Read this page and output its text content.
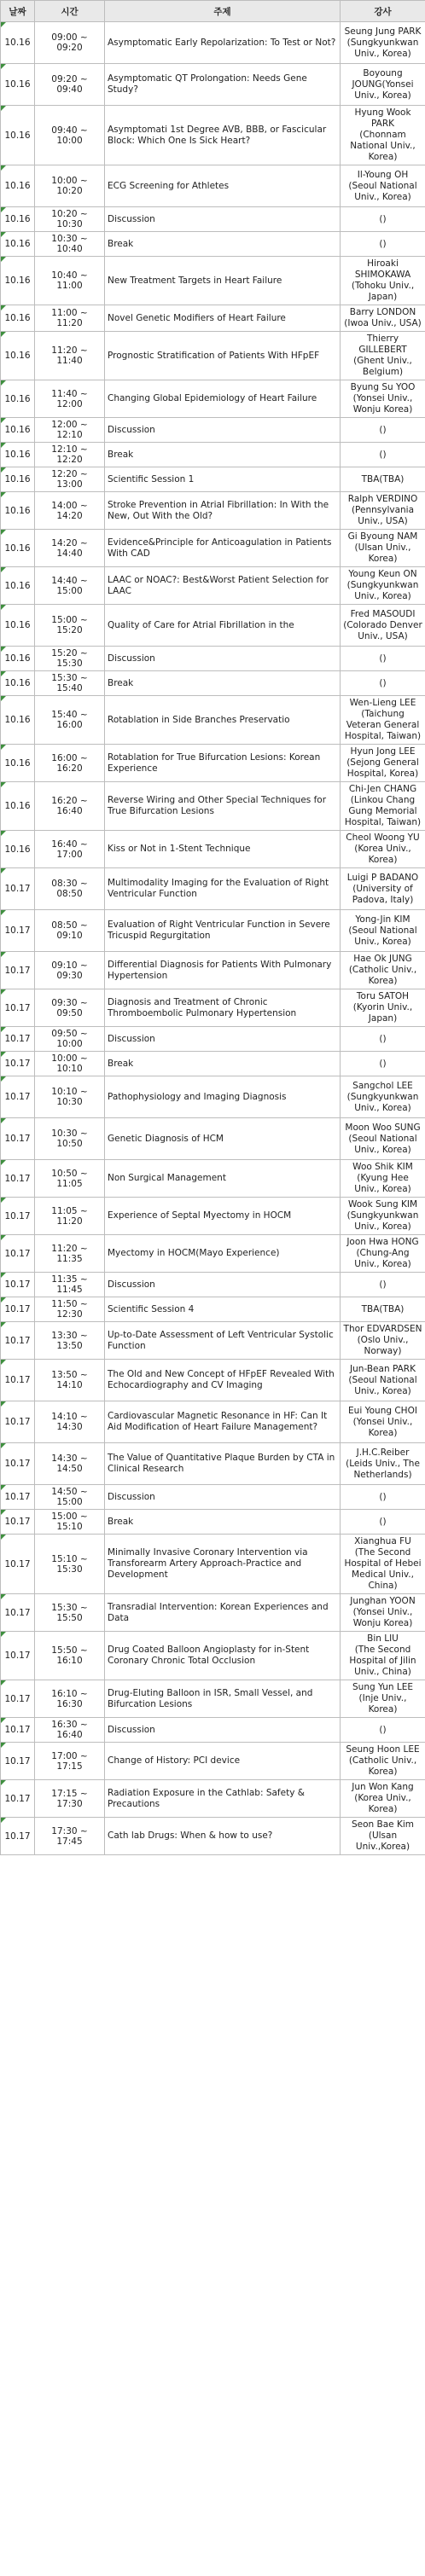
날짜	시간	주제	강사
10.16	09:00 ~ 09:20	Asymptomatic Early Repolarization: To Test or Not?	Seung Jung PARK
(Sungkyunkwan Univ., Korea)
10.16	09:20 ~ 09:40	Asymptomatic QT Prolongation: Needs Gene Study?	Boyoung JOUNG(Yonsei Univ., Korea)
10.16	09:40 ~ 10:00	Asymptomati 1st Degree AVB, BBB, or Fascicular Block: Which One Is Sick Heart?	Hyung Wook PARK
(Chonnam National Univ., Korea)
10.16	10:00 ~ 10:20	ECG Screening for Athletes	Il-Young OH
(Seoul National Univ., Korea)
10.16	10:20 ~ 10:30	Discussion	()
10.16	10:30 ~ 10:40	Break	()
10.16	10:40 ~ 11:00	New Treatment Targets in Heart Failure	Hiroaki SHIMOKAWA
(Tohoku Univ., Japan)
10.16	11:00 ~ 11:20	Novel Genetic Modifiers of Heart Failure	Barry LONDON
(Iwoa Univ., USA)
10.16	11:20 ~ 11:40	Prognostic Stratification of Patients With HFpEF	Thierry GILLEBERT
(Ghent Univ., Belgium)
10.16	11:40 ~ 12:00	Changing Global Epidemiology of Heart Failure	Byung Su YOO
(Yonsei Univ., Wonju Korea)
10.16	12:00 ~ 12:10	Discussion	()
10.16	12:10 ~ 12:20	Break	()
10.16	12:20 ~ 13:00	Scientific Session 1	TBA(TBA)
10.16	14:00 ~ 14:20	Stroke Prevention in Atrial Fibrillation: In With the New, Out With the Old?	Ralph VERDINO
(Pennsylvania Univ., USA)
10.16	14:20 ~ 14:40	Evidence&Principle for Anticoagulation in Patients With CAD	Gi Byoung NAM
(Ulsan Univ., Korea)
10.16	14:40 ~ 15:00	LAAC or NOAC?: Best&Worst Patient Selection for LAAC	Young Keun ON
(Sungkyunkwan Univ., Korea)
10.16	15:00 ~ 15:20	Quality of Care for Atrial Fibrillation in the	Fred MASOUDI
(Colorado Denver Univ., USA)
10.16	15:20 ~ 15:30	Discussion	()
10.16	15:30 ~ 15:40	Break	()
10.16	15:40 ~ 16:00	Rotablation in Side Branches Preservatio	Wen-Lieng LEE
(Taichung Veteran General Hospital, Taiwan)
10.16	16:00 ~ 16:20	Rotablation for True Bifurcation Lesions: Korean Experience	Hyun Jong LEE
(Sejong General Hospital, Korea)
10.16	16:20 ~ 16:40	Reverse Wiring and Other Special Techniques for True Bifurcation Lesions	Chi-Jen CHANG
(Linkou Chang Gung Memorial Hospital, Taiwan)
10.16	16:40 ~ 17:00	Kiss or Not in 1-Stent Technique	Cheol Woong YU
(Korea Univ., Korea)
10.17	08:30 ~ 08:50	Multimodality Imaging for the Evaluation of Right Ventricular Function	Luigi P BADANO
(University of Padova, Italy)
10.17	08:50 ~ 09:10	Evaluation of Right Ventricular Function in Severe Tricuspid Regurgitation	Yong-Jin KIM
(Seoul National Univ., Korea)
10.17	09:10 ~ 09:30	Differential Diagnosis for Patients With Pulmonary Hypertension	Hae Ok JUNG
(Catholic Univ., Korea)
10.17	09:30 ~ 09:50	Diagnosis and Treatment of Chronic Thromboembolic Pulmonary Hypertension	Toru SATOH
(Kyorin Univ., Japan)
10.17	09:50 ~ 10:00	Discussion	()
10.17	10:00 ~ 10:10	Break	()
10.17	10:10 ~ 10:30	Pathophysiology and Imaging Diagnosis	Sangchol LEE
(Sungkyunkwan Univ., Korea)
10.17	10:30 ~ 10:50	Genetic Diagnosis of HCM	Moon Woo SUNG
(Seoul National Univ., Korea)
10.17	10:50 ~ 11:05	Non Surgical Management	Woo Shik KIM
(Kyung Hee Univ., Korea)
10.17	11:05 ~ 11:20	Experience of Septal Myectomy in HOCM	Wook Sung KIM
(Sungkyunkwan Univ., Korea)
10.17	11:20 ~ 11:35	Myectomy in HOCM(Mayo Experience)	Joon Hwa HONG
(Chung-Ang Univ., Korea)
10.17	11:35 ~ 11:45	Discussion	()
10.17	11:50 ~ 12:30	Scientific Session 4	TBA(TBA)
10.17	13:30 ~ 13:50	Up-to-Date Assessment of Left Ventricular Systolic Function	Thor EDVARDSEN
(Oslo Univ., Norway)
10.17	13:50 ~ 14:10	The Old and New Concept of HFpEF Revealed With Echocardiography and CV Imaging	Jun-Bean PARK
(Seoul National Univ., Korea)
10.17	14:10 ~ 14:30	Cardiovascular Magnetic Resonance in HF: Can It Aid Modification of Heart Failure Management?	Eui Young CHOI
(Yonsei Univ., Korea)
10.17	14:30 ~ 14:50	The Value of Quantitative Plaque Burden by CTA in Clinical Research	J.H.C.Reiber
(Leids Univ., The Netherlands)
10.17	14:50 ~ 15:00	Discussion	()
10.17	15:00 ~ 15:10	Break	()
10.17	15:10 ~ 15:30	Minimally Invasive Coronary Intervention via Transforearm Artery Approach-Practice and Development	Xianghua FU
(The Second Hospital of Hebei Medical Univ., China)
10.17	15:30 ~ 15:50	Transradial Intervention: Korean Experiences and Data	Junghan YOON
(Yonsei Univ., Wonju Korea)
10.17	15:50 ~ 16:10	Drug Coated Balloon Angioplasty for in-Stent Coronary Chronic Total Occlusion	Bin LIU
(The Second Hospital of Jilin Univ., China)
10.17	16:10 ~ 16:30	Drug-Eluting Balloon in ISR, Small Vessel, and Bifurcation Lesions	Sung Yun LEE
(Inje Univ., Korea)
10.17	16:30 ~ 16:40	Discussion	()
10.17	17:00 ~ 17:15	Change of History: PCI device	Seung Hoon LEE
(Catholic Univ., Korea)
10.17	17:15 ~ 17:30	Radiation Exposure in the Cathlab: Safety & Precautions	Jun Won Kang
(Korea Univ., Korea)
10.17	17:30 ~ 17:45	Cath lab Drugs: When & how to use?	Seon Bae Kim
(Ulsan Univ.,Korea)
